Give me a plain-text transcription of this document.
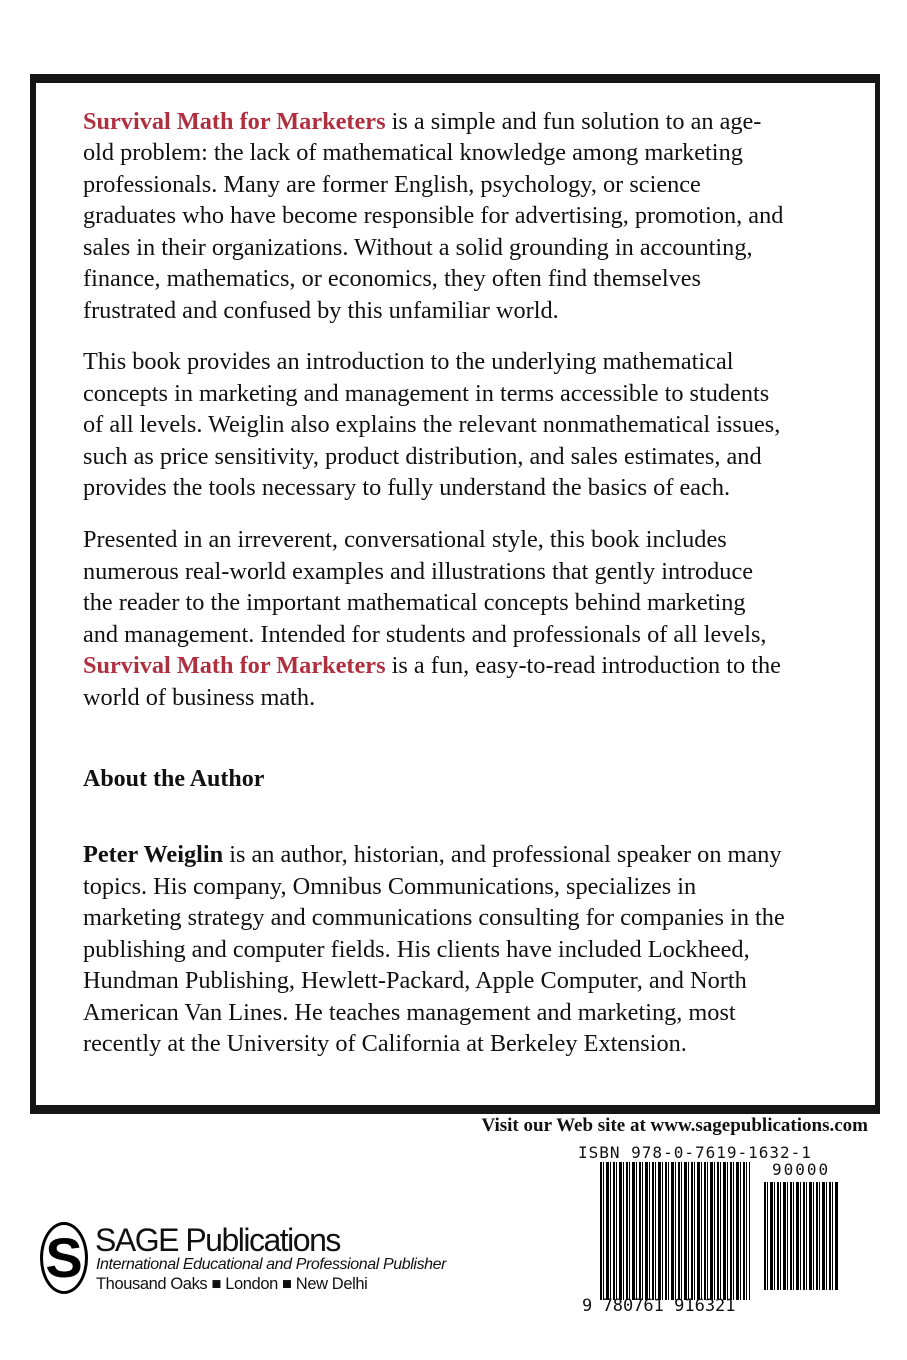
Survival Math for Marketers is a simple and fun solution to an age-
old problem: the lack of mathematical knowledge among marketing
professionals. Many are former English, psychology, or science
graduates who have become responsible for advertising, promotion, and
sales in their organizations. Without a solid grounding in accounting,
finance, mathematics, or economics, they often find themselves
frustrated and confused by this unfamiliar world.
This book provides an introduction to the underlying mathematical
concepts in marketing and management in terms accessible to students
of all levels. Weiglin also explains the relevant nonmathematical issues,
such as price sensitivity, product distribution, and sales estimates, and
provides the tools necessary to fully understand the basics of each.
Presented in an irreverent, conversational style, this book includes
numerous real-world examples and illustrations that gently introduce
the reader to the important mathematical concepts behind marketing
and management. Intended for students and professionals of all levels,
Survival Math for Marketers is a fun, easy-to-read introduction to the
world of business math.
About the Author
Peter Weiglin is an author, historian, and professional speaker on many
topics. His company, Omnibus Communications, specializes in
marketing strategy and communications consulting for companies in the
publishing and computer fields. His clients have included Lockheed,
Hundman Publishing, Hewlett-Packard, Apple Computer, and North
American Van Lines. He teaches management and marketing, most
recently at the University of California at Berkeley Extension.
Visit our Web site at www.sagepublications.com
ISBN 978-0-7619-1632-1
90000
9 780761 916321
S SAGE Publications
International Educational and Professional Publisher
Thousand Oaks ■ London ■ New Delhi
